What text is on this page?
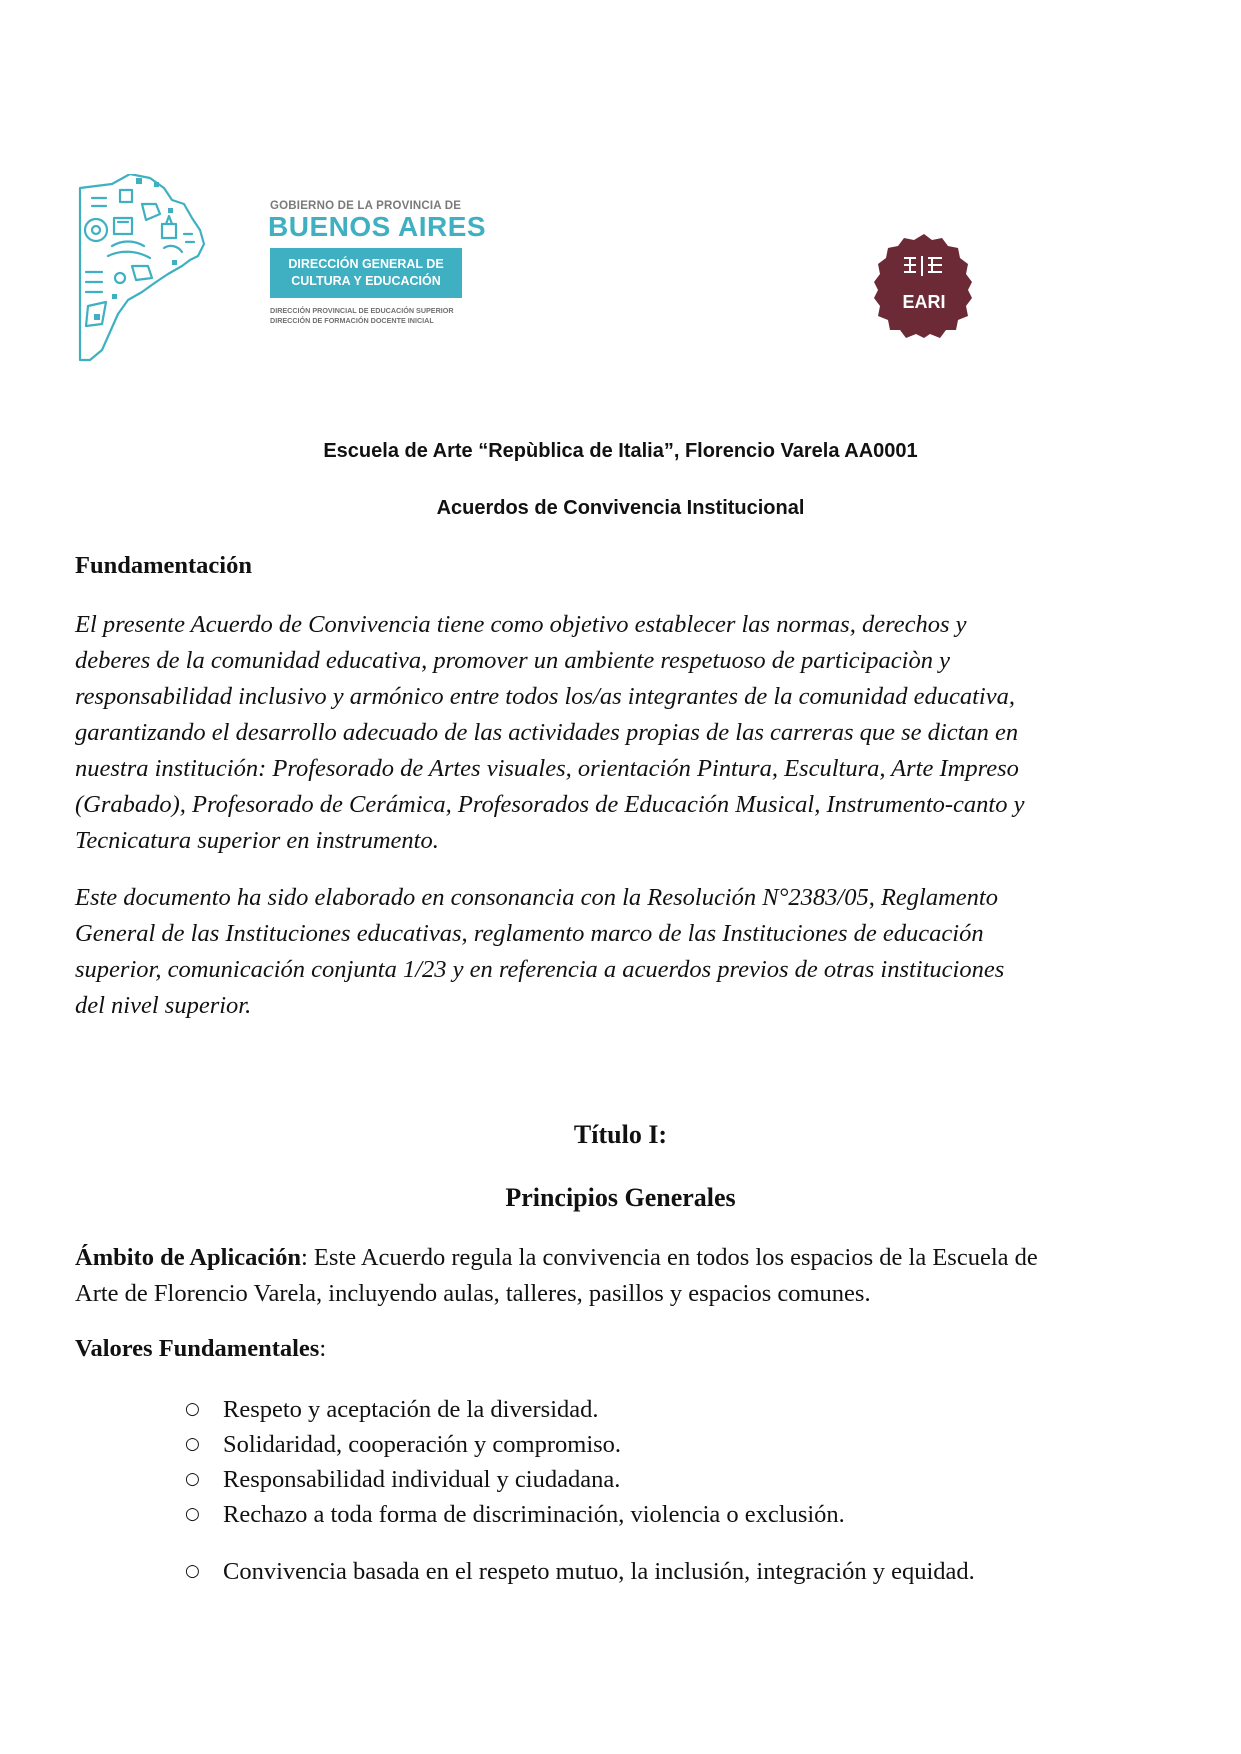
GOBIERNO DE LA PROVINCIA DE
BUENOS AIRES
DIRECCIÓN GENERAL DE
CULTURA Y EDUCACIÓN
DIRECCIÓN PROVINCIAL DE EDUCACIÓN SUPERIOR
DIRECCIÓN DE FORMACIÓN DOCENTE INICIAL
EARI
Escuela de Arte “Repùblica de Italia”, Florencio Varela AA0001
Acuerdos de Convivencia Institucional
Fundamentación
El presente Acuerdo de Convivencia tiene como objetivo establecer las normas, derechos y
deberes de la comunidad educativa, promover un ambiente respetuoso de participaciòn y
responsabilidad inclusivo y armónico entre todos los/as integrantes de la comunidad educativa,
garantizando el desarrollo adecuado de las actividades propias de las carreras que se dictan en
nuestra institución: Profesorado de Artes visuales, orientación Pintura, Escultura, Arte Impreso
(Grabado), Profesorado de Cerámica, Profesorados de Educación Musical, Instrumento-canto y
Tecnicatura superior en instrumento.
Este documento ha sido elaborado en consonancia con la Resolución N°2383/05, Reglamento
General de las Instituciones educativas, reglamento marco de las Instituciones de educación
superior, comunicación conjunta 1/23 y en referencia a acuerdos previos de otras instituciones
del nivel superior.
Título I:
Principios Generales
Ámbito de Aplicación: Este Acuerdo regula la convivencia en todos los espacios de la Escuela de
Arte de Florencio Varela, incluyendo aulas, talleres, pasillos y espacios comunes.
Valores Fundamentales:
○ Respeto y aceptación de la diversidad.
○ Solidaridad, cooperación y compromiso.
○ Responsabilidad individual y ciudadana.
○ Rechazo a toda forma de discriminación, violencia o exclusión.
○ Convivencia basada en el respeto mutuo, la inclusión, integración y equidad.
